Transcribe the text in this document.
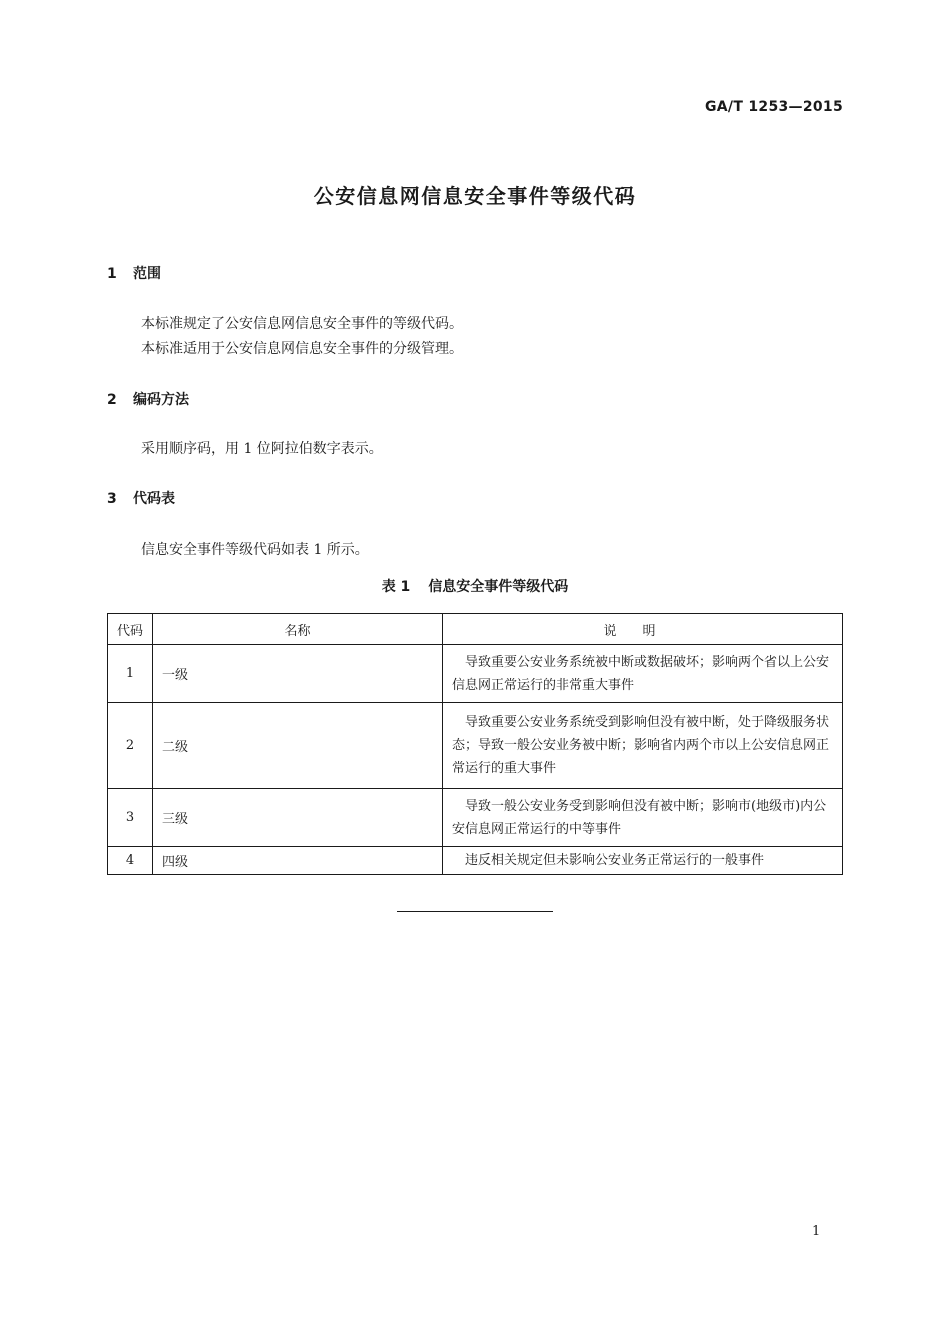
GA/T 1253—2015
公安信息网信息安全事件等级代码
1 范围
本标准规定了公安信息网信息安全事件的等级代码。
本标准适用于公安信息网信息安全事件的分级管理。
2 编码方法
采用顺序码，用 1 位阿拉伯数字表示。
3 代码表
信息安全事件等级代码如表 1 所示。
表 1 信息安全事件等级代码
代码	名称	说明
1	一级	导致重要公安业务系统被中断或数据破坏；影响两个省以上公安信息网正常运行的非常重大事件
2	二级	导致重要公安业务系统受到影响但没有被中断，处于降级服务状态；导致一般公安业务被中断；影响省内两个市以上公安信息网正常运行的重大事件
3	三级	导致一般公安业务受到影响但没有被中断；影响市(地级市)内公安信息网正常运行的中等事件
4	四级	违反相关规定但未影响公安业务正常运行的一般事件
1
